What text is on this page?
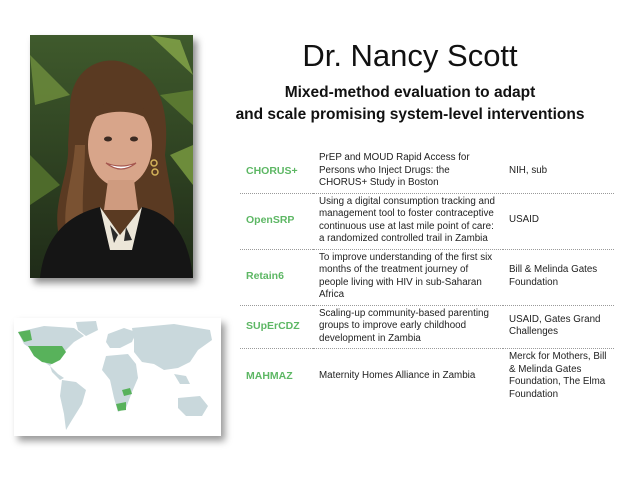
Dr. Nancy Scott

Mixed-method evaluation to adapt
and scale promising system-level interventions

CHORUS+	PrEP and MOUD Rapid Access for Persons who Inject Drugs: the CHORUS+ Study in Boston	NIH, sub
OpenSRP	Using a digital consumption tracking and management tool to foster contraceptive continuous use at last mile point of care: a randomized controlled trail in Zambia	USAID
Retain6	To improve understanding of the first six months of the treatment journey of people living with HIV in sub-Saharan Africa	Bill & Melinda Gates Foundation
SUpErCDZ	Scaling-up community-based parenting groups to improve early childhood development in Zambia	USAID, Gates Grand Challenges
MAHMAZ	Maternity Homes Alliance in Zambia	Merck for Mothers, Bill & Melinda Gates Foundation, The Elma Foundation
